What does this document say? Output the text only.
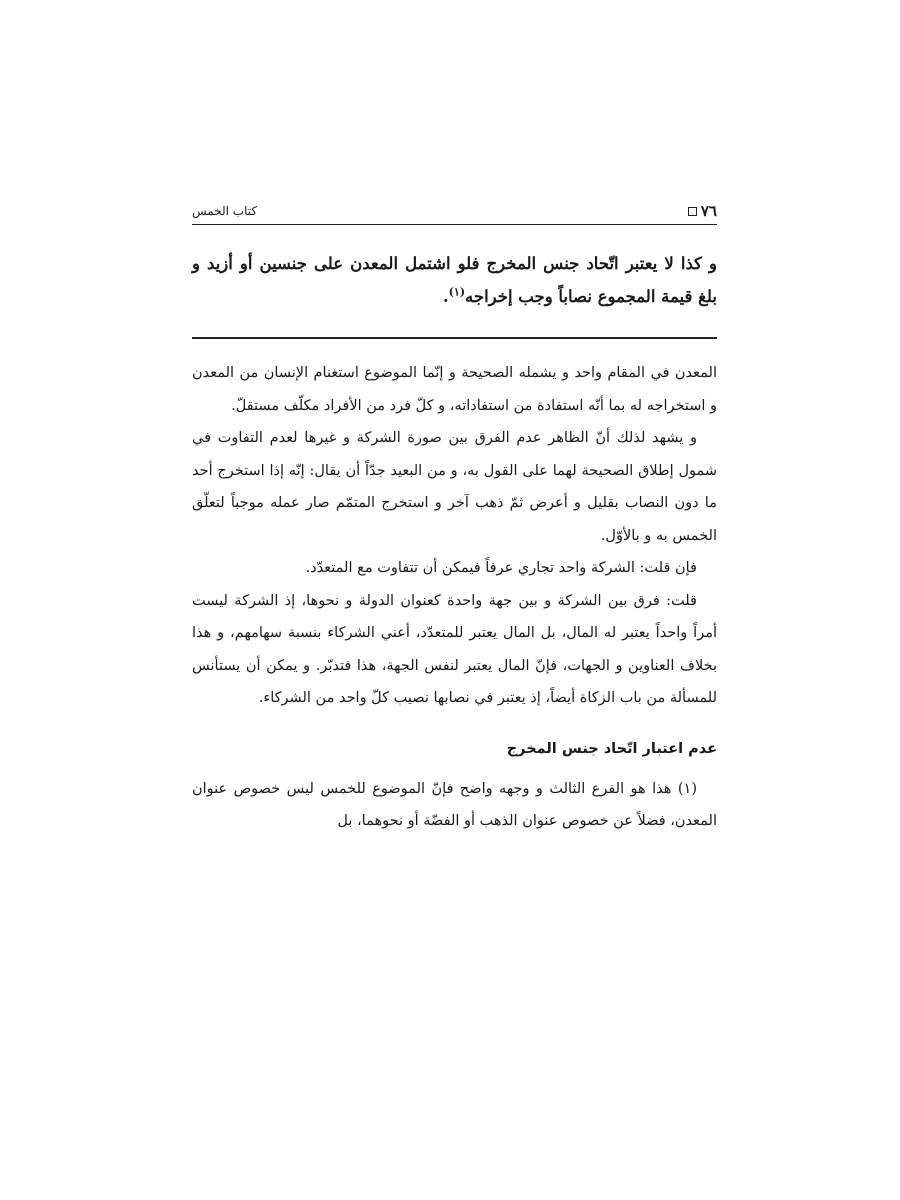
٧٦
كتاب الخمس
و كذا لا يعتبر اتّحاد جنس المخرج فلو اشتمل المعدن على جنسين أو أزيد و بلغ قيمة المجموع نصاباً وجب إخراجه$^{(١)}$.

المعدن في المقام واحد و يشمله الصحيحة و إنّما الموضوع استغنام الإنسان من المعدن و استخراجه له بما أنّه استفادة من استفاداته، و كلّ فرد من الأفراد مكلّف مستقلّ.

و يشهد لذلك أنّ الظاهر عدم الفرق بين صورة الشركة و غيرها لعدم التفاوت في شمول إطلاق الصحيحة لهما على القول به، و من البعيد جدّاً أن يقال: إنّه إذا استخرج أحد ما دون النصاب بقليل و أعرض ثمّ ذهب آخر و استخرج المتمّم صار عمله موجباً لتعلّق الخمس به و بالأوّل.

فإن قلت: الشركة واحد تجاري عرفاً فيمكن أن تتفاوت مع المتعدّد.

قلت: فرق بين الشركة و بين جهة واحدة كعنوان الدولة و نحوها، إذ الشركة ليست أمراً واحداً يعتبر له المال، بل المال يعتبر للمتعدّد، أعني الشركاء بنسبة سهامهم، و هذا بخلاف العناوين و الجهات، فإنّ المال يعتبر لنفس الجهة، هذا فتدبّر. و يمكن أن يستأنس للمسألة من باب الزكاة أيضاً، إذ يعتبر في نصابها نصيب كلّ واحد من الشركاء.

عدم اعتبار اتّحاد جنس المخرج

(١) هذا هو الفرع الثالث و وجهه واضح فإنّ الموضوع للخمس ليس خصوص عنوان المعدن، فضلاً عن خصوص عنوان الذهب أو الفضّة أو نحوهما، بل
